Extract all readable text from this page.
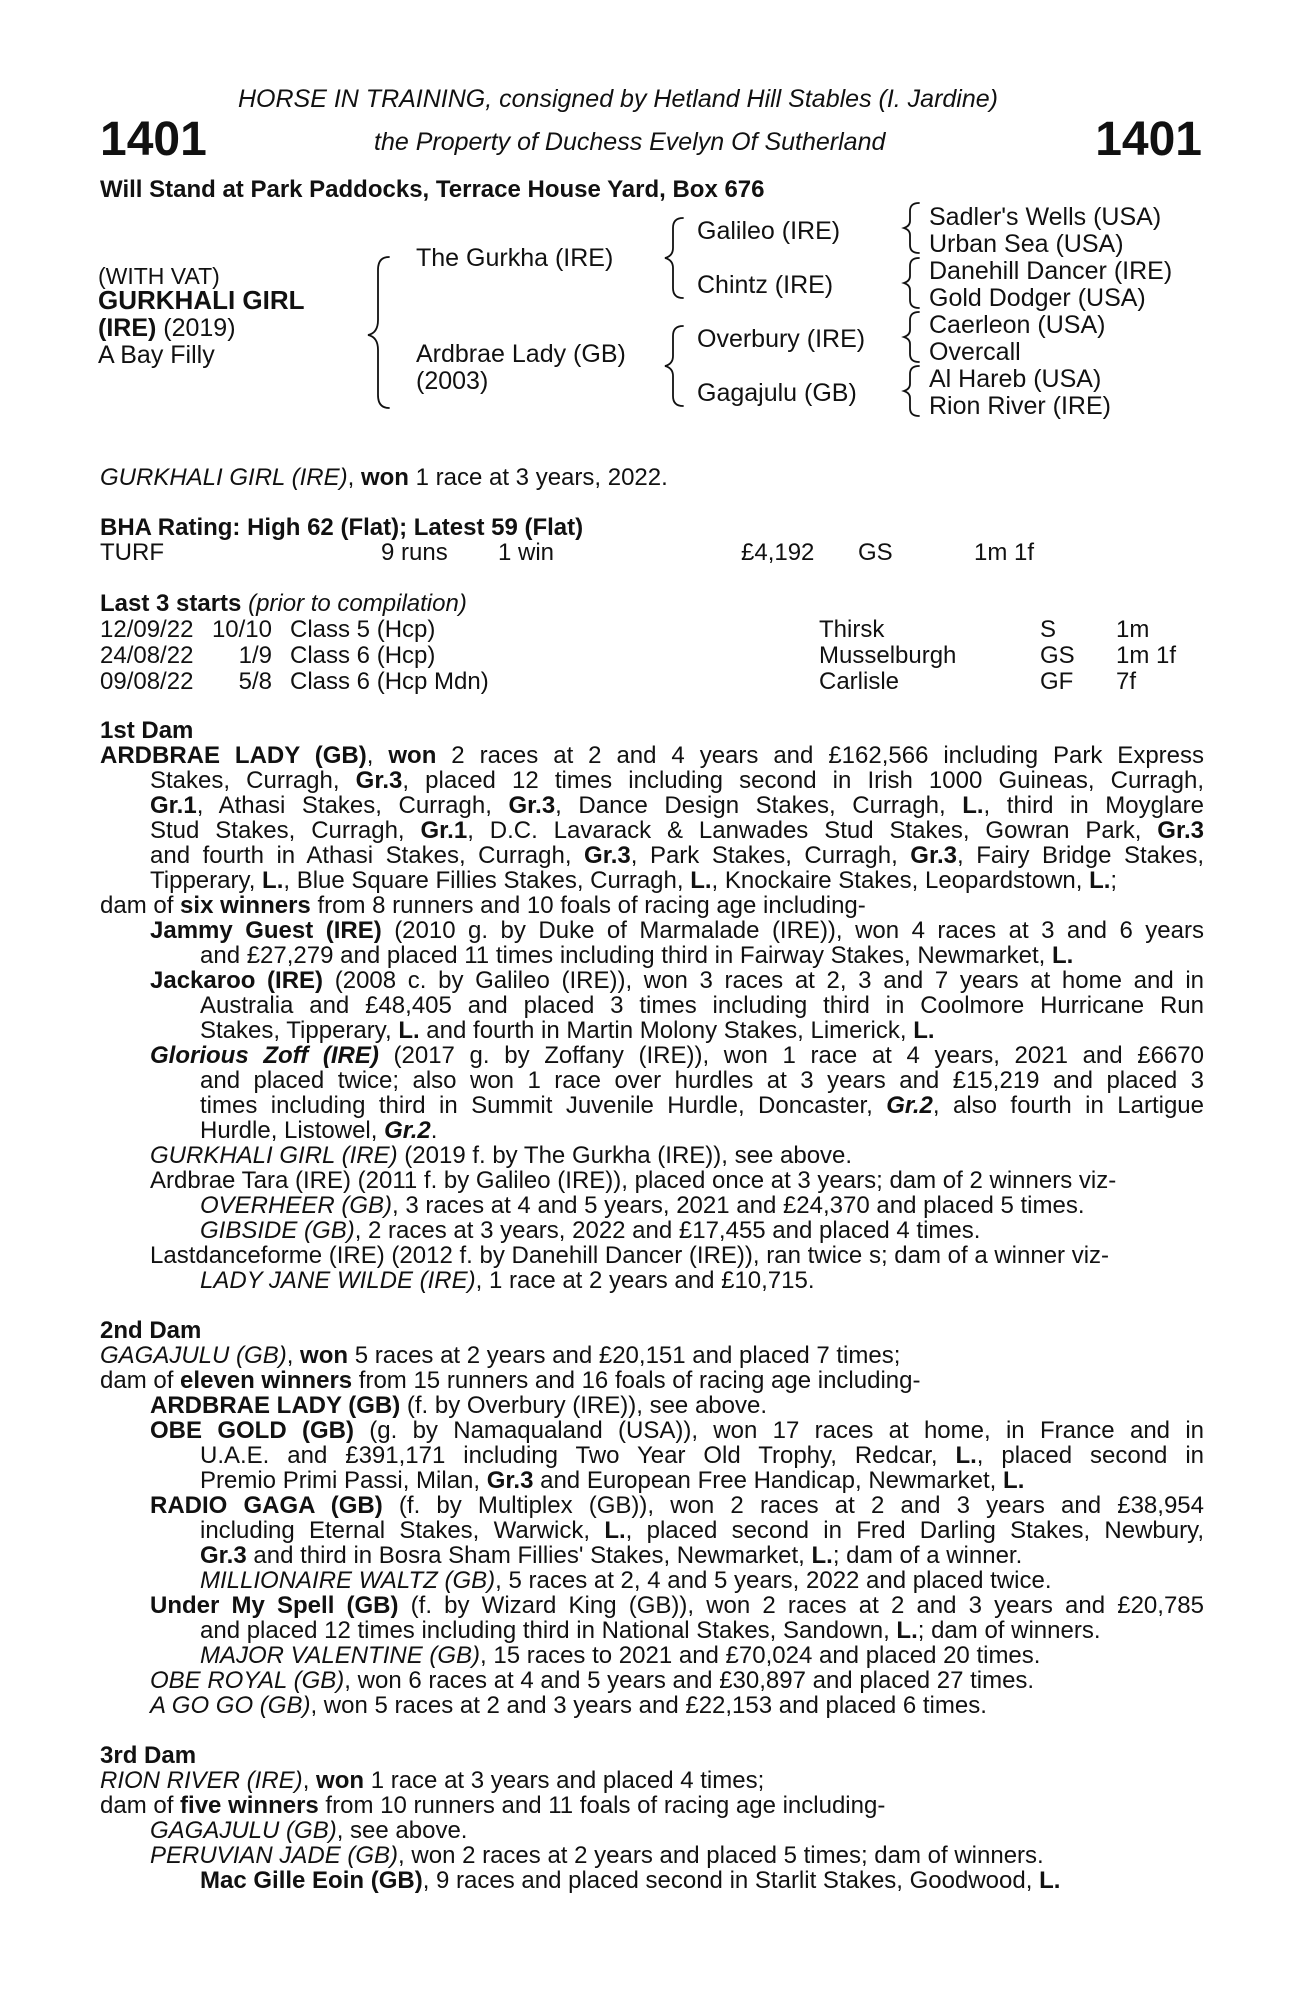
HORSE IN TRAINING, consigned by Hetland Hill Stables (I. Jardine)
1401	the Property of Duchess Evelyn Of Sutherland	1401
Will Stand at Park Paddocks, Terrace House Yard, Box 676
(WITH VAT)
GURKHALI GIRL
(IRE) (2019)
A Bay Filly
The Gurkha (IRE)
Ardbrae Lady (GB)
(2003)
Galileo (IRE)
Chintz (IRE)
Overbury (IRE)
Gagajulu (GB)
Sadler's Wells (USA)
Urban Sea (USA)
Danehill Dancer (IRE)
Gold Dodger (USA)
Caerleon (USA)
Overcall
Al Hareb (USA)
Rion River (IRE)
GURKHALI GIRL (IRE), won 1 race at 3 years, 2022.
BHA Rating: High 62 (Flat); Latest 59 (Flat)
TURF	9 runs 1 win	£4,192 GS	1m 1f
Last 3 starts (prior to compilation)
12/09/22 10/10 Class 5 (Hcp)	Thirsk	S 1m
24/08/22 1/9 Class 6 (Hcp)	Musselburgh	GS 1m 1f
09/08/22 5/8 Class 6 (Hcp Mdn)	Carlisle	GF 7f
1st Dam
ARDBRAE LADY (GB), won 2 races at 2 and 4 years and £162,566 including Park Express
Stakes, Curragh, Gr.3, placed 12 times including second in Irish 1000 Guineas, Curragh,
Gr.1, Athasi Stakes, Curragh, Gr.3, Dance Design Stakes, Curragh, L., third in Moyglare
Stud Stakes, Curragh, Gr.1, D.C. Lavarack & Lanwades Stud Stakes, Gowran Park, Gr.3
and fourth in Athasi Stakes, Curragh, Gr.3, Park Stakes, Curragh, Gr.3, Fairy Bridge Stakes,
Tipperary, L., Blue Square Fillies Stakes, Curragh, L., Knockaire Stakes, Leopardstown, L.;
dam of six winners from 8 runners and 10 foals of racing age including-
Jammy Guest (IRE) (2010 g. by Duke of Marmalade (IRE)), won 4 races at 3 and 6 years
and £27,279 and placed 11 times including third in Fairway Stakes, Newmarket, L.
Jackaroo (IRE) (2008 c. by Galileo (IRE)), won 3 races at 2, 3 and 7 years at home and in
Australia and £48,405 and placed 3 times including third in Coolmore Hurricane Run
Stakes, Tipperary, L. and fourth in Martin Molony Stakes, Limerick, L.
Glorious Zoff (IRE) (2017 g. by Zoffany (IRE)), won 1 race at 4 years, 2021 and £6670
and placed twice; also won 1 race over hurdles at 3 years and £15,219 and placed 3
times including third in Summit Juvenile Hurdle, Doncaster, Gr.2, also fourth in Lartigue
Hurdle, Listowel, Gr.2.
GURKHALI GIRL (IRE) (2019 f. by The Gurkha (IRE)), see above.
Ardbrae Tara (IRE) (2011 f. by Galileo (IRE)), placed once at 3 years; dam of 2 winners viz-
OVERHEER (GB), 3 races at 4 and 5 years, 2021 and £24,370 and placed 5 times.
GIBSIDE (GB), 2 races at 3 years, 2022 and £17,455 and placed 4 times.
Lastdanceforme (IRE) (2012 f. by Danehill Dancer (IRE)), ran twice s; dam of a winner viz-
LADY JANE WILDE (IRE), 1 race at 2 years and £10,715.
2nd Dam
GAGAJULU (GB), won 5 races at 2 years and £20,151 and placed 7 times;
dam of eleven winners from 15 runners and 16 foals of racing age including-
ARDBRAE LADY (GB) (f. by Overbury (IRE)), see above.
OBE GOLD (GB) (g. by Namaqualand (USA)), won 17 races at home, in France and in
U.A.E. and £391,171 including Two Year Old Trophy, Redcar, L., placed second in
Premio Primi Passi, Milan, Gr.3 and European Free Handicap, Newmarket, L.
RADIO GAGA (GB) (f. by Multiplex (GB)), won 2 races at 2 and 3 years and £38,954
including Eternal Stakes, Warwick, L., placed second in Fred Darling Stakes, Newbury,
Gr.3 and third in Bosra Sham Fillies' Stakes, Newmarket, L.; dam of a winner.
MILLIONAIRE WALTZ (GB), 5 races at 2, 4 and 5 years, 2022 and placed twice.
Under My Spell (GB) (f. by Wizard King (GB)), won 2 races at 2 and 3 years and £20,785
and placed 12 times including third in National Stakes, Sandown, L.; dam of winners.
MAJOR VALENTINE (GB), 15 races to 2021 and £70,024 and placed 20 times.
OBE ROYAL (GB), won 6 races at 4 and 5 years and £30,897 and placed 27 times.
A GO GO (GB), won 5 races at 2 and 3 years and £22,153 and placed 6 times.
3rd Dam
RION RIVER (IRE), won 1 race at 3 years and placed 4 times;
dam of five winners from 10 runners and 11 foals of racing age including-
GAGAJULU (GB), see above.
PERUVIAN JADE (GB), won 2 races at 2 years and placed 5 times; dam of winners.
Mac Gille Eoin (GB), 9 races and placed second in Starlit Stakes, Goodwood, L.
